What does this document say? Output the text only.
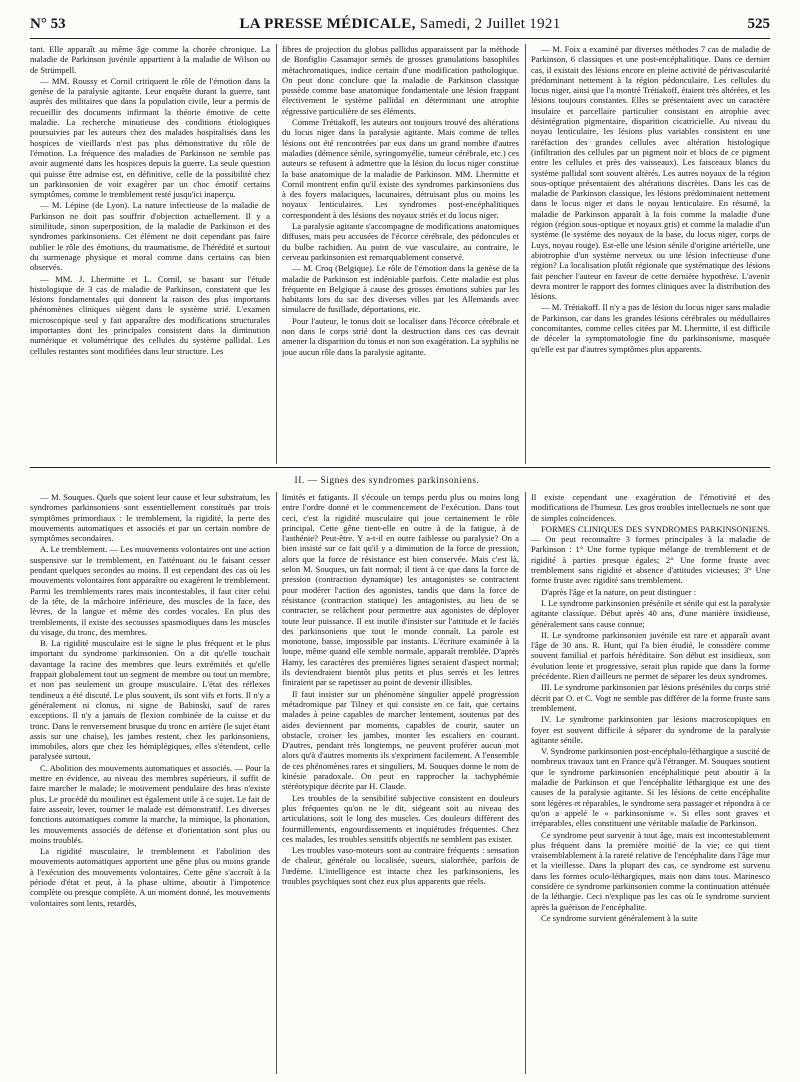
N° 53	LA PRESSE MÉDICALE, Samedi, 2 Juillet 1921	525

tant. Elle apparaît au même âge comme la chorée chronique. La maladie de Parkinson juvénile appartient à la maladie de Wilson ou de Strümpell.

— MM. Roussy et Cornil critiquent le rôle de l'émotion dans la genèse de la paralysie agitante. Leur enquête durant la guerre, tant auprès des militaires que dans la population civile, leur a permis de recueillir des documents infirmant la théorie émotive de cette maladie. La recherche minutieuse des conditions étiologiques poursuivies par les auteurs chez des malades hospitalisés dans les hospices de vieillards n'est pas plus démonstrative du rôle de l'émotion. La fréquence des maladies de Parkinson ne semble pas avoir augmenté dans les hospices depuis la guerre. La seule question qui puisse être admise est, en définitive, celle de la possibilité chez un parkinsonien de voir exagérer par un choc émotif certains symptômes, comme le tremblement resté jusqu'ici inaperçu.

— M. Lépine (de Lyon). La nature infectieuse de la maladie de Parkinson ne doit pas souffrir d'objection actuellement. Il y a similitude, sinon superposition, de la maladie de Parkinson et des syndromes parkinsoniens. Cet élément ne doit cependant pas faire oublier le rôle des émotions, du traumatisme, de l'hérédité et surtout du surmenage physique et moral comme dans certains cas bien observés.

— MM. J. Lhermitte et L. Cornil, se basant sur l'étude histologique de 3 cas de maladie de Parkinson, constatent que les lésions fondamentales qui donnent la raison des plus importants phénomènes cliniques siègent dans le système strié. L'examen microscopique seul y fait apparaître des modifications structurales importantes dont les principales consistent dans la diminution numérique et volumétrique des cellules du système pallidal. Les cellules restantes sont modifiées dans leur structure. Les

fibres de projection du globus pallidus apparaissent par la méthode de Bonfiglio Casamajor semés de grosses granulations basophiles métachromatiques, indice certain d'une modification pathologique. On peut donc conclure que la maladie de Parkinson classique possède comme base anatomique fondamentale une lésion frappant électivement le système pallidal en déterminant une atrophie régressive particulière de ses éléments.

Comme Trétiakoff, les auteurs ont toujours trouvé des altérations du locus niger dans la paralysie agitante. Mais comme de telles lésions ont été rencontrées par eux dans un grand nombre d'autres maladies (démence sénile, syringomyélie, tumeur cérébrale, etc.) ces auteurs se refusent à admettre que la lésion du locus niger constitue la base anatomique de la maladie de Parkinson. MM. Lhermitte et Cornil montrent enfin qu'il existe des syndromes parkinsoniens dus à des foyers malaciques, lacunaires, détruisant plus ou moins les noyaux lenticulaires. Les syndromes post-encéphalitiques correspondent à des lésions des noyaux striés et du locus niger.

La paralysie agitante s'accompagne de modifications anatomiques diffuses, mais peu accusées de l'écorce cérébrale, des pédoncules et du bulbe rachidien. Au point de vue vasculaire, au contraire, le cerveau parkinsonien est remarquablement conservé.

— M. Croq (Belgique). Le rôle de l'émotion dans la genèse de la maladie de Parkinson est indéniable parfois. Cette maladie est plus fréquente en Belgique à cause des grosses émotions subies par les habitants lors du sac des diverses villes par les Allemands avec simulacre de fusillade, déportations, etc.

Pour l'auteur, le tonus doit se localiser dans l'écorce cérébrale et non dans le corps strié dont la destruction dans ces cas devrait amener la disparition du tonus et non son exagération. La syphilis ne joue aucun rôle dans la paralysie agitante.

— M. Foix a examiné par diverses méthodes 7 cas de maladie de Parkinson, 6 classiques et une post-encéphalitique. Dans ce dernier cas, il existait des lésions encore en pleine activité de périvascularité prédominant nettement à la région pédonculaire. Les cellules du locus niger, ainsi que l'a montré Trétiakoff, étaient très altérées, et les lésions toujours constantes. Elles se présentaient avec un caractère insulaire et parcellaire particulier consistant en atrophie avec désintégration pigmentaire, disparition cicatricielle. Au niveau du noyau lenticulaire, les lésions plus variables consistent en une raréfaction des grandes cellules avec altération histologique (infiltration des cellules par un pigment noir et blocs de ce pigment entre les cellules et près des vaisseaux). Les faisceaux blancs du système pallidal sont souvent altérés. Les autres noyaux de la région sous-optique présentaient des altérations discrètes. Dans les cas de maladie de Parkinson classique, les lésions prédominaient nettement dans le locus niger et dans le noyau lenticulaire. En résumé, la maladie de Parkinson apparaît à la fois comme la maladie d'une région (région sous-optique et noyaux gris) et comme la maladie d'un système (le système des noyaux de la base, du locus niger, corps de Luys, noyau rouge). Est-elle une lésion sénile d'origine artérielle, une abiotrophie d'un système nerveux ou une lésion infectieuse d'une région? La localisation plutôt régionale que systématique des lésions fait pencher l'auteur en faveur de cette dernière hypothèse. L'avenir devra montrer le rapport des formes cliniques avec la distribution des lésions.

— M. Trétiakoff. Il n'y a pas de lésion du locus niger sans maladie de Parkinson, car dans les grandes lésions cérébrales ou médullaires concomitantes, comme celles citées par M. Lhermitte, il est difficile de déceler la symptomatologie fine du parkinsonisme, masquée qu'elle est par d'autres symptômes plus apparents.

II. — Signes des syndromes parkinsoniens.

— M. Souques. Quels que soient leur cause et leur substratum, les syndromes parkinsoniens sont essentiellement constitués par trois symptômes primordiaux : le tremblement, la rigidité, la perte des mouvements automatiques et associés et par un certain nombre de symptômes secondaires.

A. Le tremblement. — Les mouvements volontaires ont une action suspensive sur le tremblement, en l'atténuant ou le faisant cesser pendant quelques secondes au moins. Il est cependant des cas où les mouvements volontaires font apparaître ou exagèrent le tremblement. Parmi les tremblements rares mais incontestables, il faut citer celui de la tête, de la mâchoire inférieure, des muscles de la face, des lèvres, de la langue et même des cordes vocales. En plus des tremblements, il existe des secousses spasmodiques dans les muscles du visage, du tronc, des membres.

B. La rigidité musculaire est le signe le plus fréquent et le plus important du syndrome parkinsonien. On a dit qu'elle touchait davantage la racine des membres que leurs extrémités et qu'elle frappait globalement tout un segment de membre ou tout un membre, et non pas seulement un groupe musculaire. L'état des réflexes tendineux a été discuté. Le plus souvent, ils sont vifs et forts. Il n'y a généralement ni clonus, ni signe de Babinski, sauf de rares exceptions. Il n'y a jamais de flexion combinée de la cuisse et du tronc. Dans le renversement brusque du tronc en arrière (le sujet étant assis sur une chaise), les jambes restent, chez les parkinsoniens, immobiles, alors que chez les hémiplégiques, elles s'étendent, celle paralysée surtout.

C. Abolition des mouvements automatiques et associés. — Pour la mettre en évidence, au niveau des membres supérieurs, il suffit de faire marcher le malade; le mouvement pendulaire des bras n'existe plus. Le procédé du moulinet est également utile à ce sujet. Le fait de faire asseoir, lever, tourner le malade est démonstratif. Les diverses fonctions automatiques comme la marche, la mimique, la phonation, les mouvements associés de défense et d'orientation sont plus ou moins troublés.

La rigidité musculaire, le tremblement et l'abolition des mouvements automatiques apportent une gêne plus ou moins grande à l'exécution des mouvements volontaires. Cette gêne s'accroît à la période d'état et peut, à la phase ultime, aboutir à l'impotence complète ou presque complète. A un moment donné, les mouvements volontaires sont lents, retardés,

limités et fatigants. Il s'écoule un temps perdu plus ou moins long entre l'ordre donné et le commencement de l'exécution. Dans tout ceci, c'est la rigidité musculaire qui joue certainement le rôle principal. Cette gêne tient-elle en outre à de la fatigue, à de l'asthénie? Peut-être. Y a-t-il en outre faiblesse ou paralysie? On a bien insisté sur ce fait qu'il y a diminution de la force de pression, alors que la force de résistance est bien conservée. Mais c'est là, selon M. Souques, un fait normal; il tient à ce que dans la force de pression (contraction dynamique) les antagonistes se contractent pour modérer l'action des agonistes, tandis que dans la force de résistance (contraction statique) les antagonistes, au lieu de se contracter, se relâchent pour permettre aux agonistes de déployer toute leur puissance. Il est inutile d'insister sur l'attitude et le faciès des parkinsoniens que tout le monde connaît. La parole est monotone, basse, impossible par instants. L'écriture examinée à la loupe, même quand elle semble normale, apparaît tremblée. D'après Hamy, les caractères des premières lignes seraient d'aspect normal; ils deviendraient bientôt plus petits et plus serrés et les lettres finiraient par se rapetisser au point de devenir illisibles.

Il faut insister sur un phénomène singulier appelé progression métadromique par Tilney et qui consiste en ce fait, que certains malades à peine capables de marcher lentement, soutenus par des aides deviennent par moments, capables de courir, sauter un obstacle, croiser les jambes, monter les escaliers en courant. D'autres, pendant très longtemps, ne peuvent proférer aucun mot alors qu'à d'autres moments ils s'expriment facilement. A l'ensemble de ces phénomènes rares et singuliers, M. Souques donne le nom de kinésie paradoxale. On peut en rapprocher la tachyphémie stéréotypique décrite par H. Claude.

Les troubles de la sensibilité subjective consistent en douleurs plus fréquentes qu'on ne le dit, siégeant soit au niveau des articulations, soit le long des muscles. Ces douleurs diffèrent des fourmillements, engourdissements et inquiétudes fréquentes. Chez ces malades, les troubles sensitifs objectifs ne semblent pas exister.

Les troubles vaso-moteurs sont au contraire fréquents : sensation de chaleur, générale ou localisée, sueurs, sialorrhée, parfois de l'œdème. L'intelligence est intacte chez les parkinsoniens, les troubles psychiques sont chez eux plus apparents que réels.

Il existe cependant une exagération de l'émotivité et des modifications de l'humeur. Les gros troubles intellectuels ne sont que de simples coïncidences.

FORMES CLINIQUES DES SYNDROMES PARKINSONIENS. — On peut reconnaître 3 formes principales à la maladie de Parkinson : 1° Une forme typique mélange de tremblement et de rigidité à parties presque égales; 2° Une forme fruste avec tremblement sans rigidité et absence d'attitudes vicieuses; 3° Une forme fruste avec rigidité sans tremblement.

D'après l'âge et la nature, on peut distinguer :

I. Le syndrome parkinsonien présénile et sénile qui est la paralysie agitante classique. Début après 40 ans, d'une manière insidieuse, généralement sans cause connue;

II. Le syndrome parkinsonien juvénile est rare et apparaît avant l'âge de 30 ans. R. Hunt, qui l'a bien étudié, le considère comme souvent familial et parfois héréditaire. Son début est insidieux, son évolution lente et progressive, serait plus rapide que dans la forme précédente. Rien d'ailleurs ne permet de séparer les deux syndromes.

III. Le syndrome parkinsonien par lésions préséniles du corps strié décrit par O. et C. Vogt ne semble pas différer de la forme fruste sans tremblement.

IV. Le syndrome parkinsonien par lésions macroscopiques en foyer est souvent difficile à séparer du syndrome de la paralysie agitante sénile.

V. Syndrome parkinsonien post-encéphalo-léthargique a suscité de nombreux travaux tant en France qu'à l'étranger. M. Souques soutient que le syndrome parkinsonien encéphalitique peut aboutir à la maladie de Parkinson et que l'encéphalite léthargique est une des causes de la paralysie agitante. Si les lésions de cette encéphalite sont légères et réparables, le syndrome sera passager et répondra à ce qu'on a appelé le « parkinsonisme ». Si elles sont graves et irréparables, elles constituent une véritable maladie de Parkinson.

Ce syndrome peut survenir à tout âge, mais est incontestablement plus fréquent dans la première moitié de la vie; ce qui tient vraisemblablement à la rareté relative de l'encéphalite dans l'âge mur et la vieillesse. Dans la plupart des cas, ce syndrome est survenu dans les formes oculo-léthargiques, mais non dans tous. Marinesco considère ce syndrome parkinsonien comme la continuation atténuée de la léthargie. Ceci n'explique pas les cas où le syndrome survient après la guérison de l'encéphalite.

Ce syndrome survient généralement à la suite
